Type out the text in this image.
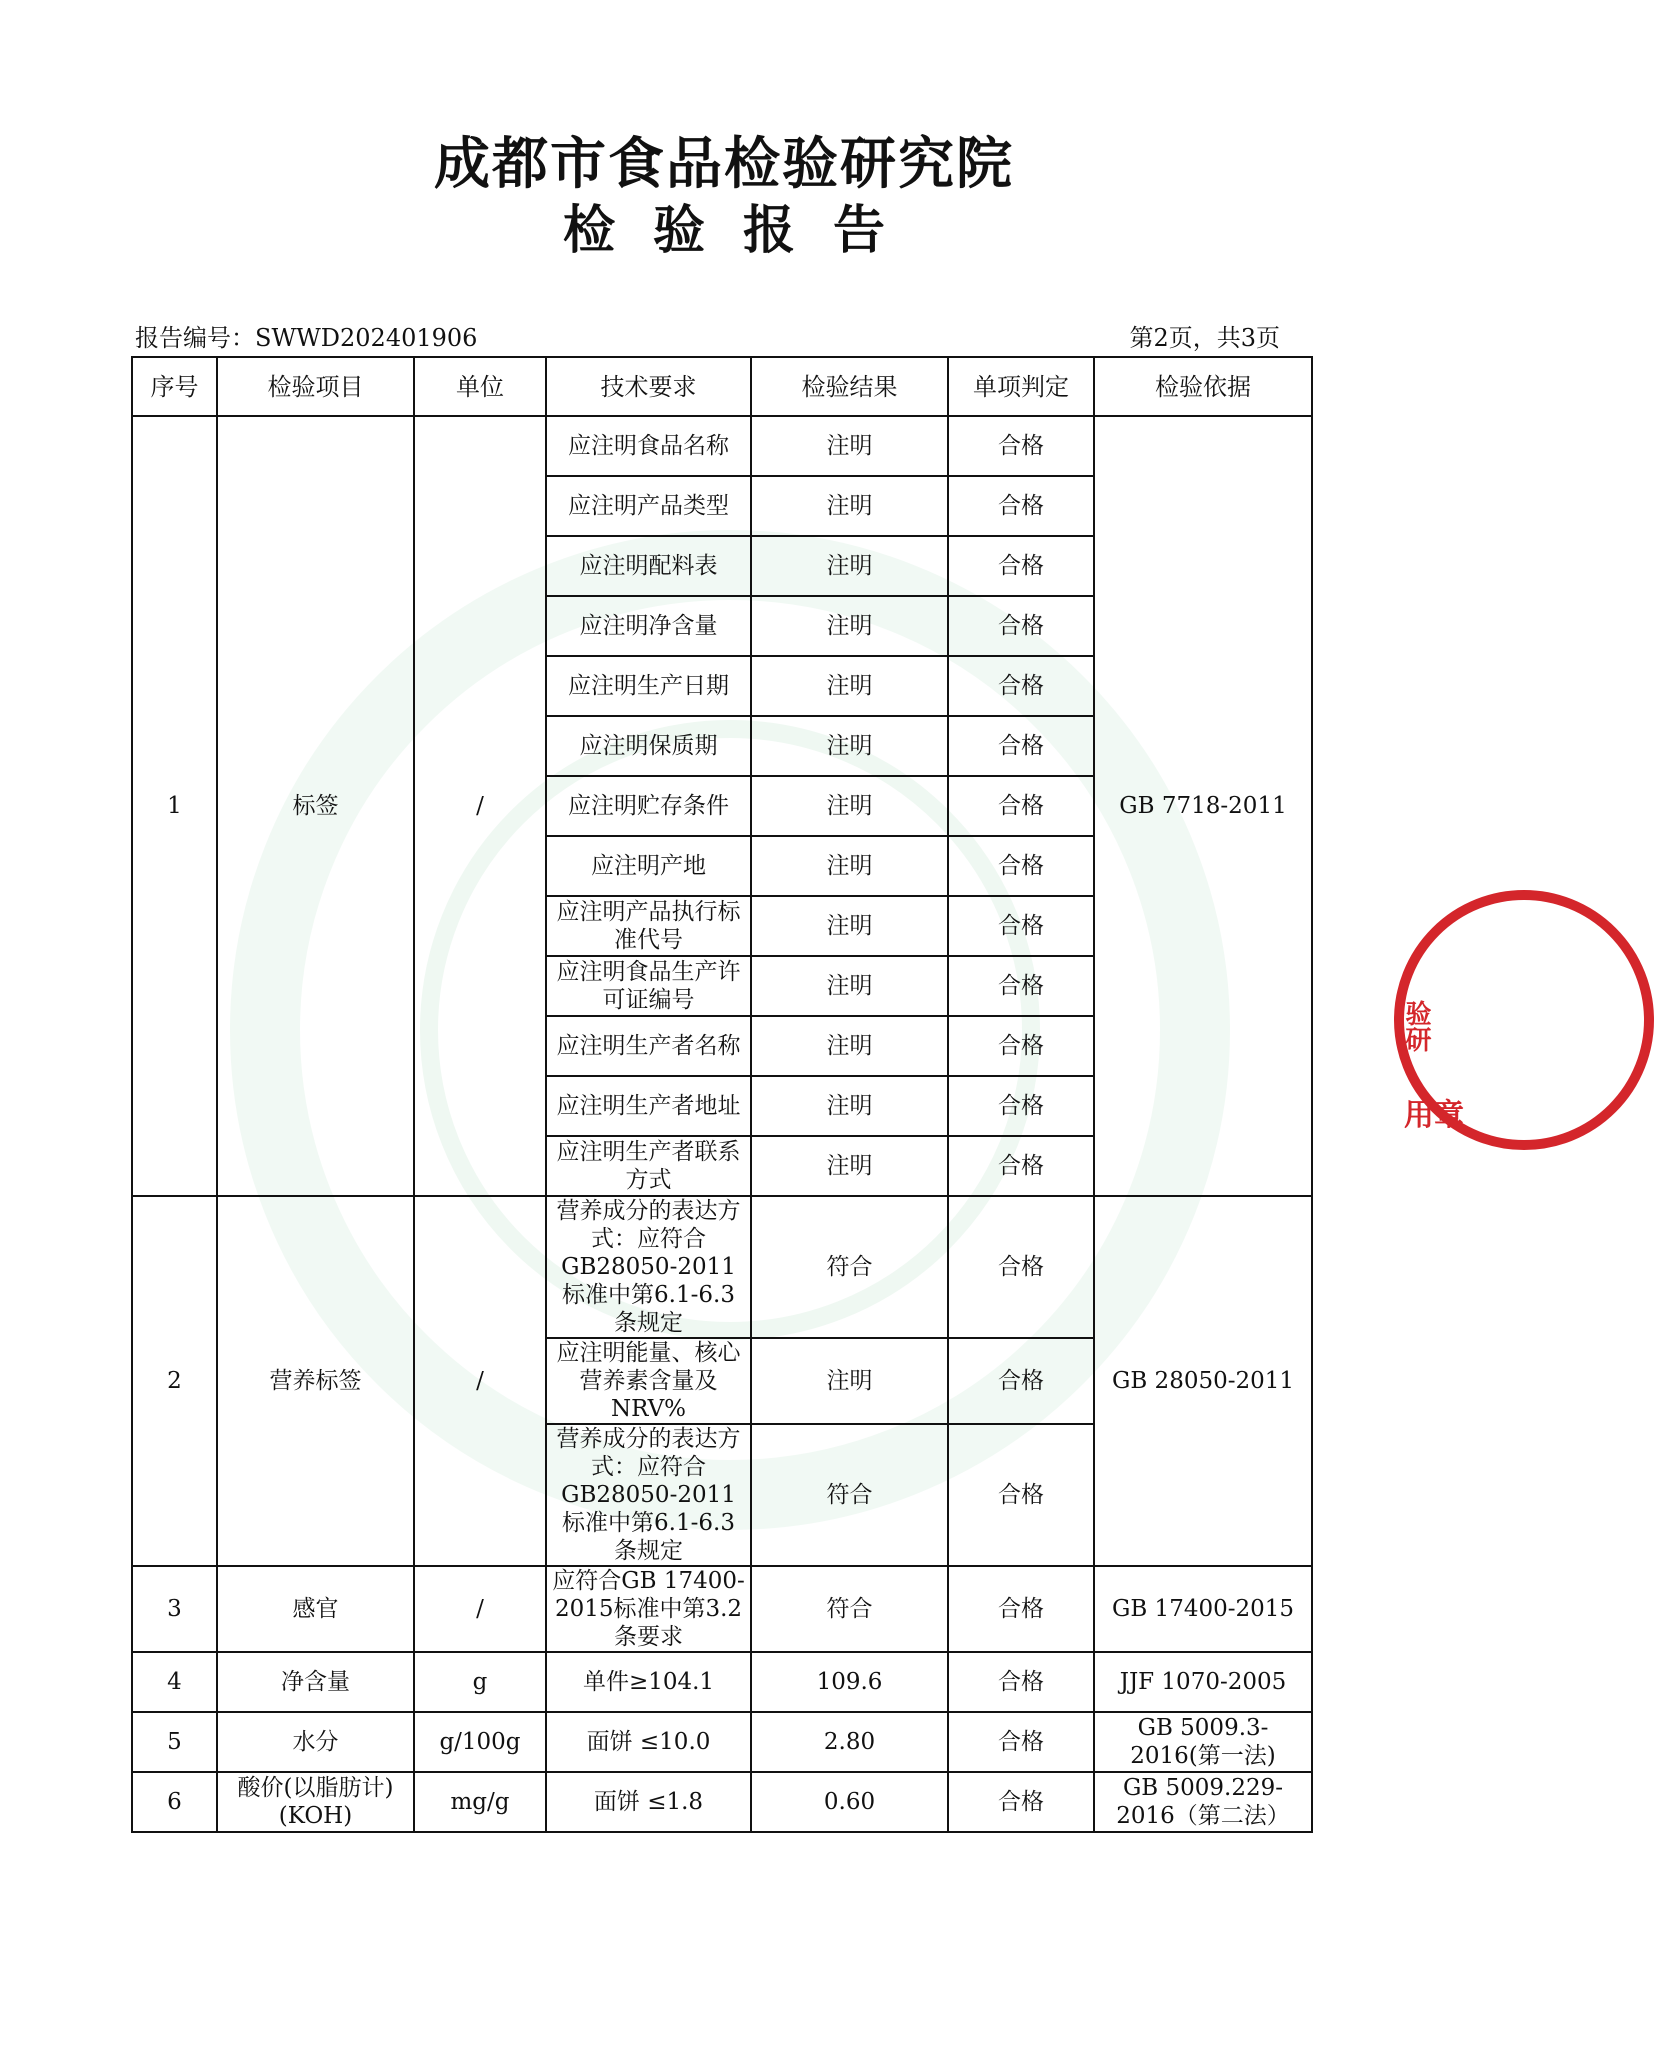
成都市食品检验研究院
检验报告
报告编号：SWWD202401906	第2页，共3页
序号	检验项目	单位	技术要求	检验结果	单项判定	检验依据
1	标签	/	应注明食品名称	注明	合格	GB 7718-2011
			应注明产品类型	注明	合格	
			应注明配料表	注明	合格	
			应注明净含量	注明	合格	
			应注明生产日期	注明	合格	
			应注明保质期	注明	合格	
			应注明贮存条件	注明	合格	
			应注明产地	注明	合格	
			应注明产品执行标准代号	注明	合格	
			应注明食品生产许可证编号	注明	合格	
			应注明生产者名称	注明	合格	
			应注明生产者地址	注明	合格	
			应注明生产者联系方式	注明	合格	
2	营养标签	/	营养成分的表达方式：应符合GB28050-2011标准中第6.1-6.3条规定	符合	合格	GB 28050-2011
			应注明能量、核心营养素含量及NRV%	注明	合格	
			营养成分的表达方式：应符合GB28050-2011标准中第6.1-6.3条规定	符合	合格	
3	感官	/	应符合GB 17400-2015标准中第3.2条要求	符合	合格	GB 17400-2015
4	净含量	g	单件≥104.1	109.6	合格	JJF 1070-2005
5	水分	g/100g	面饼 ≤10.0	2.80	合格	GB 5009.3-2016(第一法)
6	酸价(以脂肪计)(KOH)	mg/g	面饼 ≤1.8	0.60	合格	GB 5009.229-2016（第二法）
验研
用章
